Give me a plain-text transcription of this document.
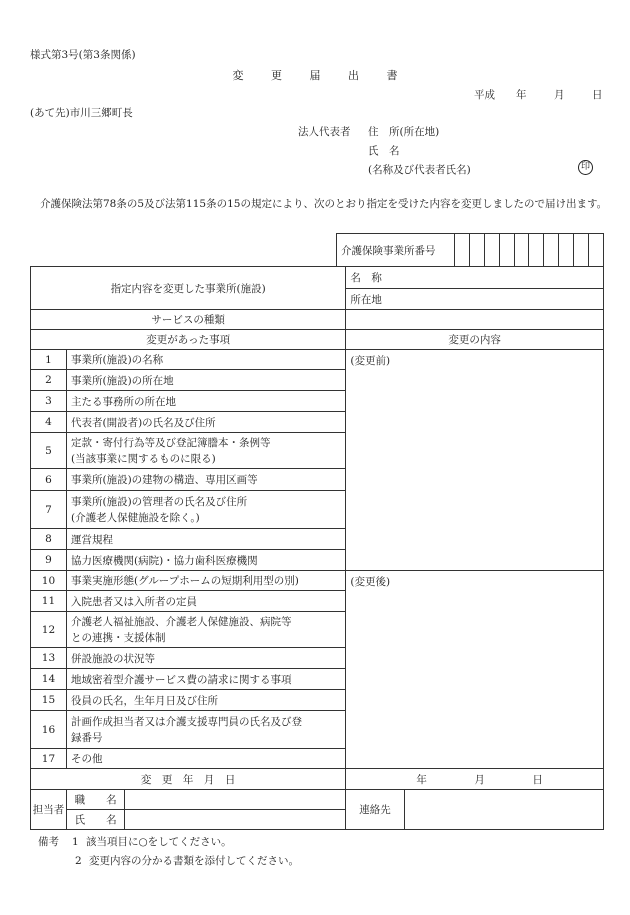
様式第3号(第3条関係)
変	更	届	出	書
平成 年	月	日
(あて先)市川三郷町長
法人代表者 住　所(所在地)
氏　名
(名称及び代表者氏名)	印
介護保険法第78条の5及び法第115条の15の規定により、次のとおり指定を受けた内容を変更しましたので届け出ます。
介護保険事業所番号										
指定内容を変更した事業所(施設)			名　称	
			所在地	
サービスの種類				
変更があった事項			変更の内容	
1	事業所(施設)の名称		(変更前)	
2	事業所(施設)の所在地			
3	主たる事務所の所在地			
4	代表者(開設者)の氏名及び住所			
5	定款・寄付行為等及び登記簿謄本・条例等
(当該事業に関するものに限る)			

6	事業所(施設)の建物の構造、専用区画等			
7	事業所(施設)の管理者の氏名及び住所
(介護老人保健施設を除く。)			

8	運営規程			
9	協力医療機関(病院)・協力歯科医療機関			
10	事業実施形態(グループホームの短期利用型の別)		(変更後)	
11	入院患者又は入所者の定員			
12	介護老人福祉施設、介護老人保健施設、病院等
との連携・支援体制			

13	併設施設の状況等			
14	地域密着型介護サービス費の請求に関する事項			
15	役員の氏名，生年月日及び住所			
16	計画作成担当者又は介護支援専門員の氏名及び登
録番号			

17	その他			
変　更　年　月　日			年 月 日	
担当者	職　　名		連絡先	
	氏　　名			
備考 1 該当項目に○をしてください。
2 変更内容の分かる書類を添付してください。
